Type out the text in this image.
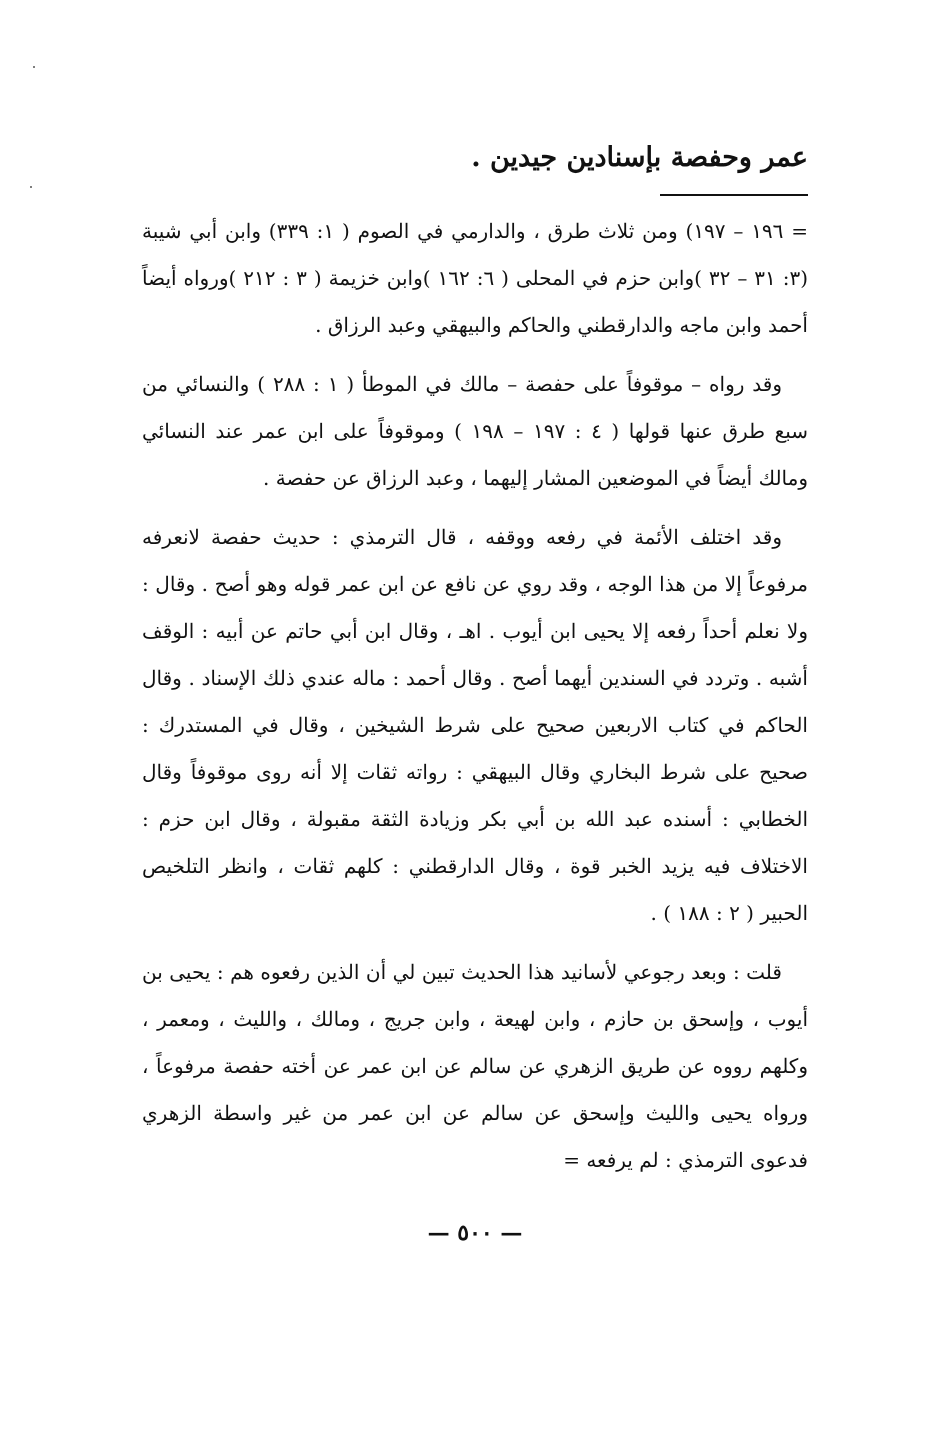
عمر وحفصة بإسنادين جيدين .

= ١٩٦ – ١٩٧) ومن ثلاث طرق ، والدارمي في الصوم ( ١: ٣٣٩) وابن أبي شيبة (٣: ٣١ – ٣٢ )وابن حزم في المحلى ( ٦: ١٦٢ )وابن خزيمة ( ٣ : ٢١٢ )ورواه أيضاً أحمد وابن ماجه والدارقطني والحاكم والبيهقي وعبد الرزاق .

وقد رواه – موقوفاً على حفصة – مالك في الموطأ ( ١ : ٢٨٨ ) والنسائي من سبع طرق عنها قولها ( ٤ : ١٩٧ – ١٩٨ ) وموقوفاً على ابن عمر عند النسائي ومالك أيضاً في الموضعين المشار إليهما ، وعبد الرزاق عن حفصة .

وقد اختلف الأئمة في رفعه ووقفه ، قال الترمذي : حديث حفصة لانعرفه مرفوعاً إلا من هذا الوجه ، وقد روي عن نافع عن ابن عمر قوله وهو أصح . وقال : ولا نعلم أحداً رفعه إلا يحيى ابن أيوب . اهـ ، وقال ابن أبي حاتم عن أبيه : الوقف أشبه . وتردد في السندين أيهما أصح . وقال أحمد : ماله عندي ذلك الإسناد . وقال الحاكم في كتاب الاربعين صحيح على شرط الشيخين ، وقال في المستدرك : صحيح على شرط البخاري وقال البيهقي : رواته ثقات إلا أنه روى موقوفاً وقال الخطابي : أسنده عبد الله بن أبي بكر وزيادة الثقة مقبولة ، وقال ابن حزم : الاختلاف فيه يزيد الخبر قوة ، وقال الدارقطني : كلهم ثقات ، وانظر التلخيص الحبير ( ٢ : ١٨٨ ) .

قلت : وبعد رجوعي لأسانيد هذا الحديث تبين لي أن الذين رفعوه هم : يحيى بن أيوب ، وإسحق بن حازم ، وابن لهيعة ، وابن جريج ، ومالك ، والليث ، ومعمر ، وكلهم رووه عن طريق الزهري عن سالم عن ابن عمر عن أخته حفصة مرفوعاً ، ورواه يحيى والليث وإسحق عن سالم عن ابن عمر من غير واسطة الزهري فدعوى الترمذي : لم يرفعه =

— ٥٠٠ —
